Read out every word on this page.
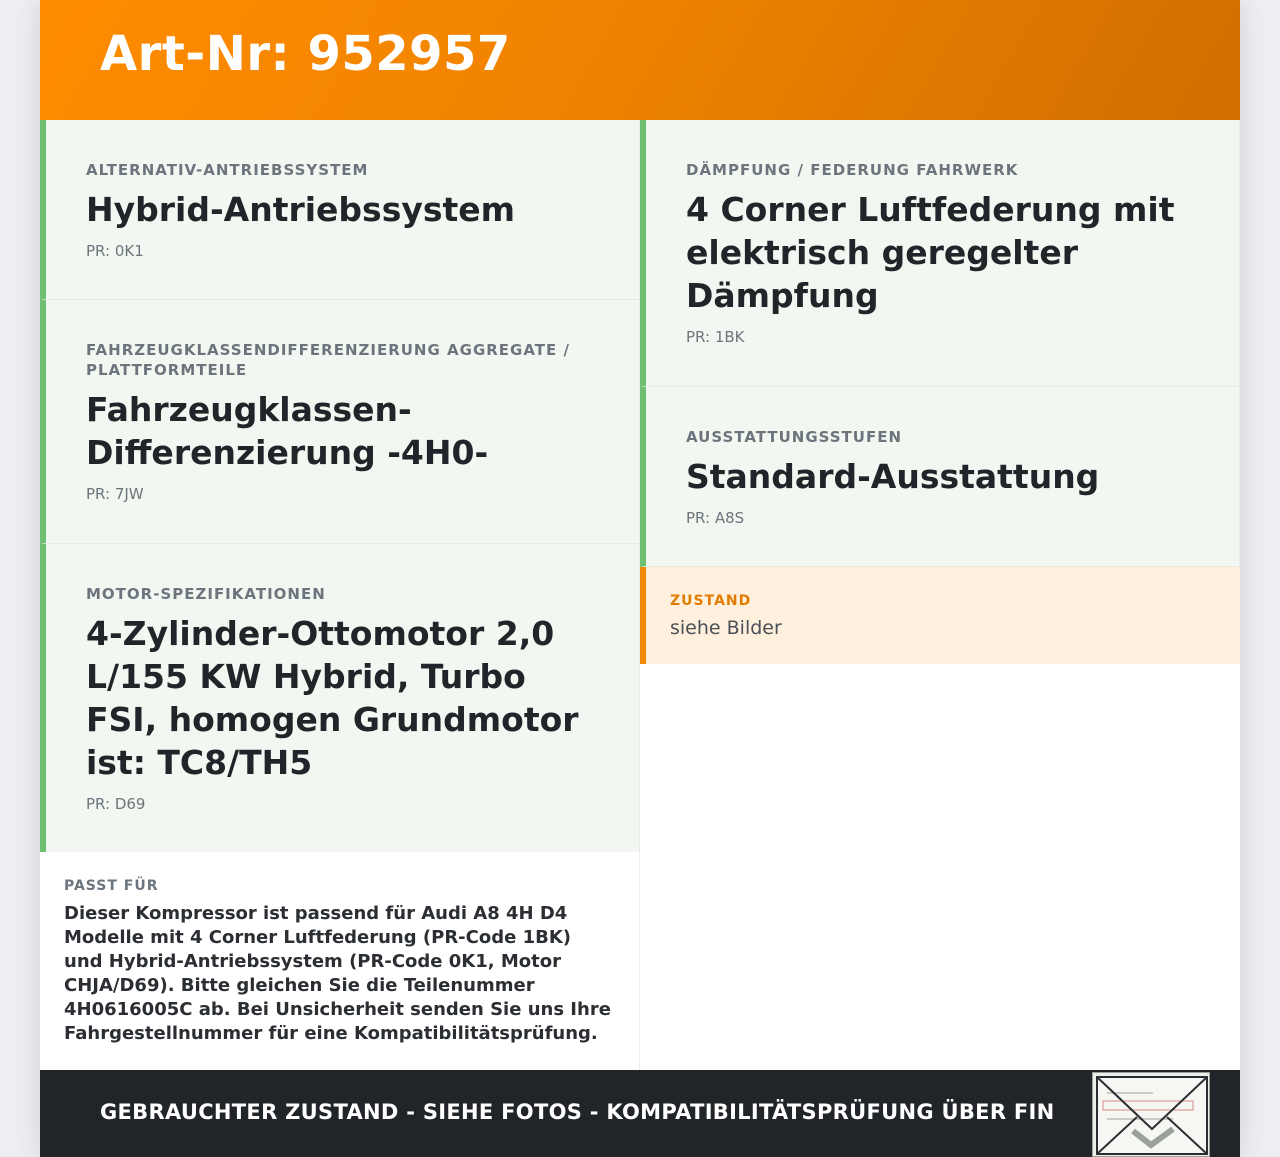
Art-Nr: 952957
ALTERNATIV-ANTRIEBSSYSTEM
Hybrid-Antriebssystem
PR: 0K1
FAHRZEUGKLASSENDIFFERENZIERUNG AGGREGATE / PLATTFORMTEILE
Fahrzeugklassen-Differenzierung -4H0-
PR: 7JW
MOTOR-SPEZIFIKATIONEN
4-Zylinder-Ottomotor 2,0 L/155 KW Hybrid, Turbo FSI, homogen Grundmotor ist: TC8/TH5
PR: D69
DÄMPFUNG / FEDERUNG FAHRWERK
4 Corner Luftfederung mit elektrisch geregelter Dämpfung
PR: 1BK
AUSSTATTUNGSSTUFEN
Standard-Ausstattung
PR: A8S
ZUSTAND
siehe Bilder
PASST FÜR
Dieser Kompressor ist passend für Audi A8 4H D4 Modelle mit 4 Corner Luftfederung (PR-Code 1BK) und Hybrid-Antriebssystem (PR-Code 0K1, Motor CHJA/D69). Bitte gleichen Sie die Teilenummer 4H0616005C ab. Bei Unsicherheit senden Sie uns Ihre Fahrgestellnummer für eine Kompatibilitätsprüfung.
GEBRAUCHTER ZUSTAND - SIEHE FOTOS - KOMPATIBILITÄTSPRÜFUNG ÜBER FIN
